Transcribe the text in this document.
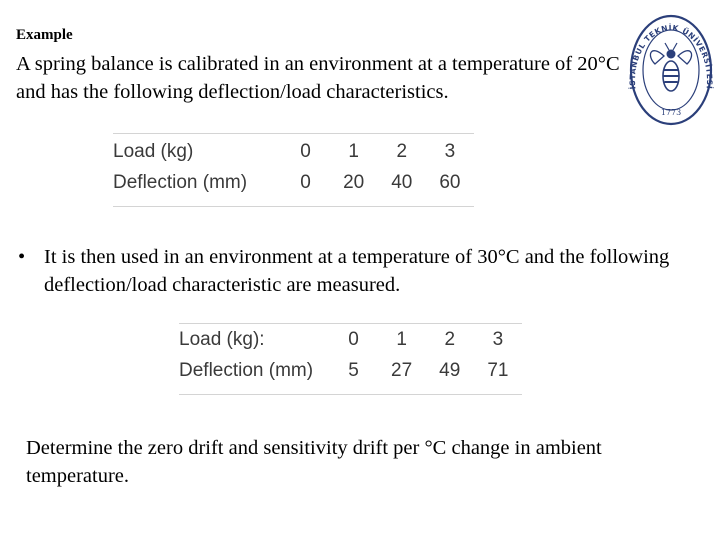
Example
A spring balance is calibrated in an environment at a temperature of 20°C and has the following deflection/load characteristics.
Load (kg)	0	1	2	3
Deflection (mm)	0	20	40	60
• It is then used in an environment at a temperature of 30°C and the following deflection/load characteristic are measured.
Load (kg):	0	1	2	3
Deflection (mm)	5	27	49	71
Determine the zero drift and sensitivity drift per °C change in ambient temperature.
İSTANBUL TEKNİK ÜNİVERSİTESİ
1773
